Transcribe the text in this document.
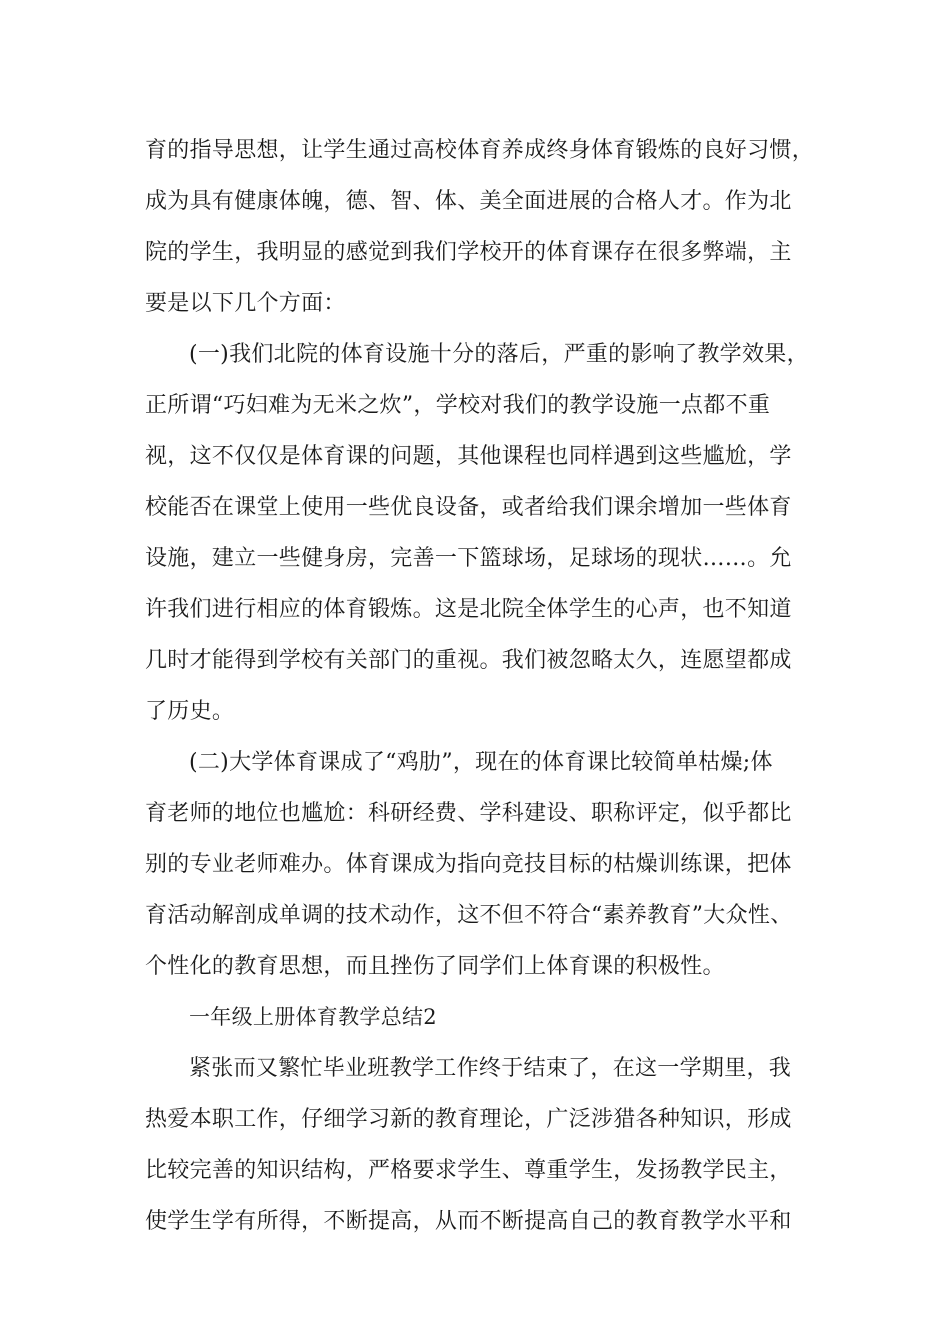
育的指导思想，让学生通过高校体育养成终身体育锻炼的良好习惯，
成为具有健康体魄，德、智、体、美全面进展的合格人才。作为北
院的学生，我明显的感觉到我们学校开的体育课存在很多弊端，主
要是以下几个方面：
(一)我们北院的体育设施十分的落后，严重的影响了教学效果，
正所谓“巧妇难为无米之炊”，学校对我们的教学设施一点都不重
视，这不仅仅是体育课的问题，其他课程也同样遇到这些尴尬，学
校能否在课堂上使用一些优良设备，或者给我们课余增加一些体育
设施，建立一些健身房，完善一下篮球场，足球场的现状……。允
许我们进行相应的体育锻炼。这是北院全体学生的心声，也不知道
几时才能得到学校有关部门的重视。我们被忽略太久，连愿望都成
了历史。
(二)大学体育课成了“鸡肋”，现在的体育课比较简单枯燥;体
育老师的地位也尴尬：科研经费、学科建设、职称评定，似乎都比
别的专业老师难办。体育课成为指向竞技目标的枯燥训练课，把体
育活动解剖成单调的技术动作，这不但不符合“素养教育”大众性、
个性化的教育思想，而且挫伤了同学们上体育课的积极性。
一年级上册体育教学总结2
紧张而又繁忙毕业班教学工作终于结束了，在这一学期里，我
热爱本职工作，仔细学习新的教育理论，广泛涉猎各种知识，形成
比较完善的知识结构，严格要求学生、尊重学生，发扬教学民主，
使学生学有所得，不断提高，从而不断提高自己的教育教学水平和
